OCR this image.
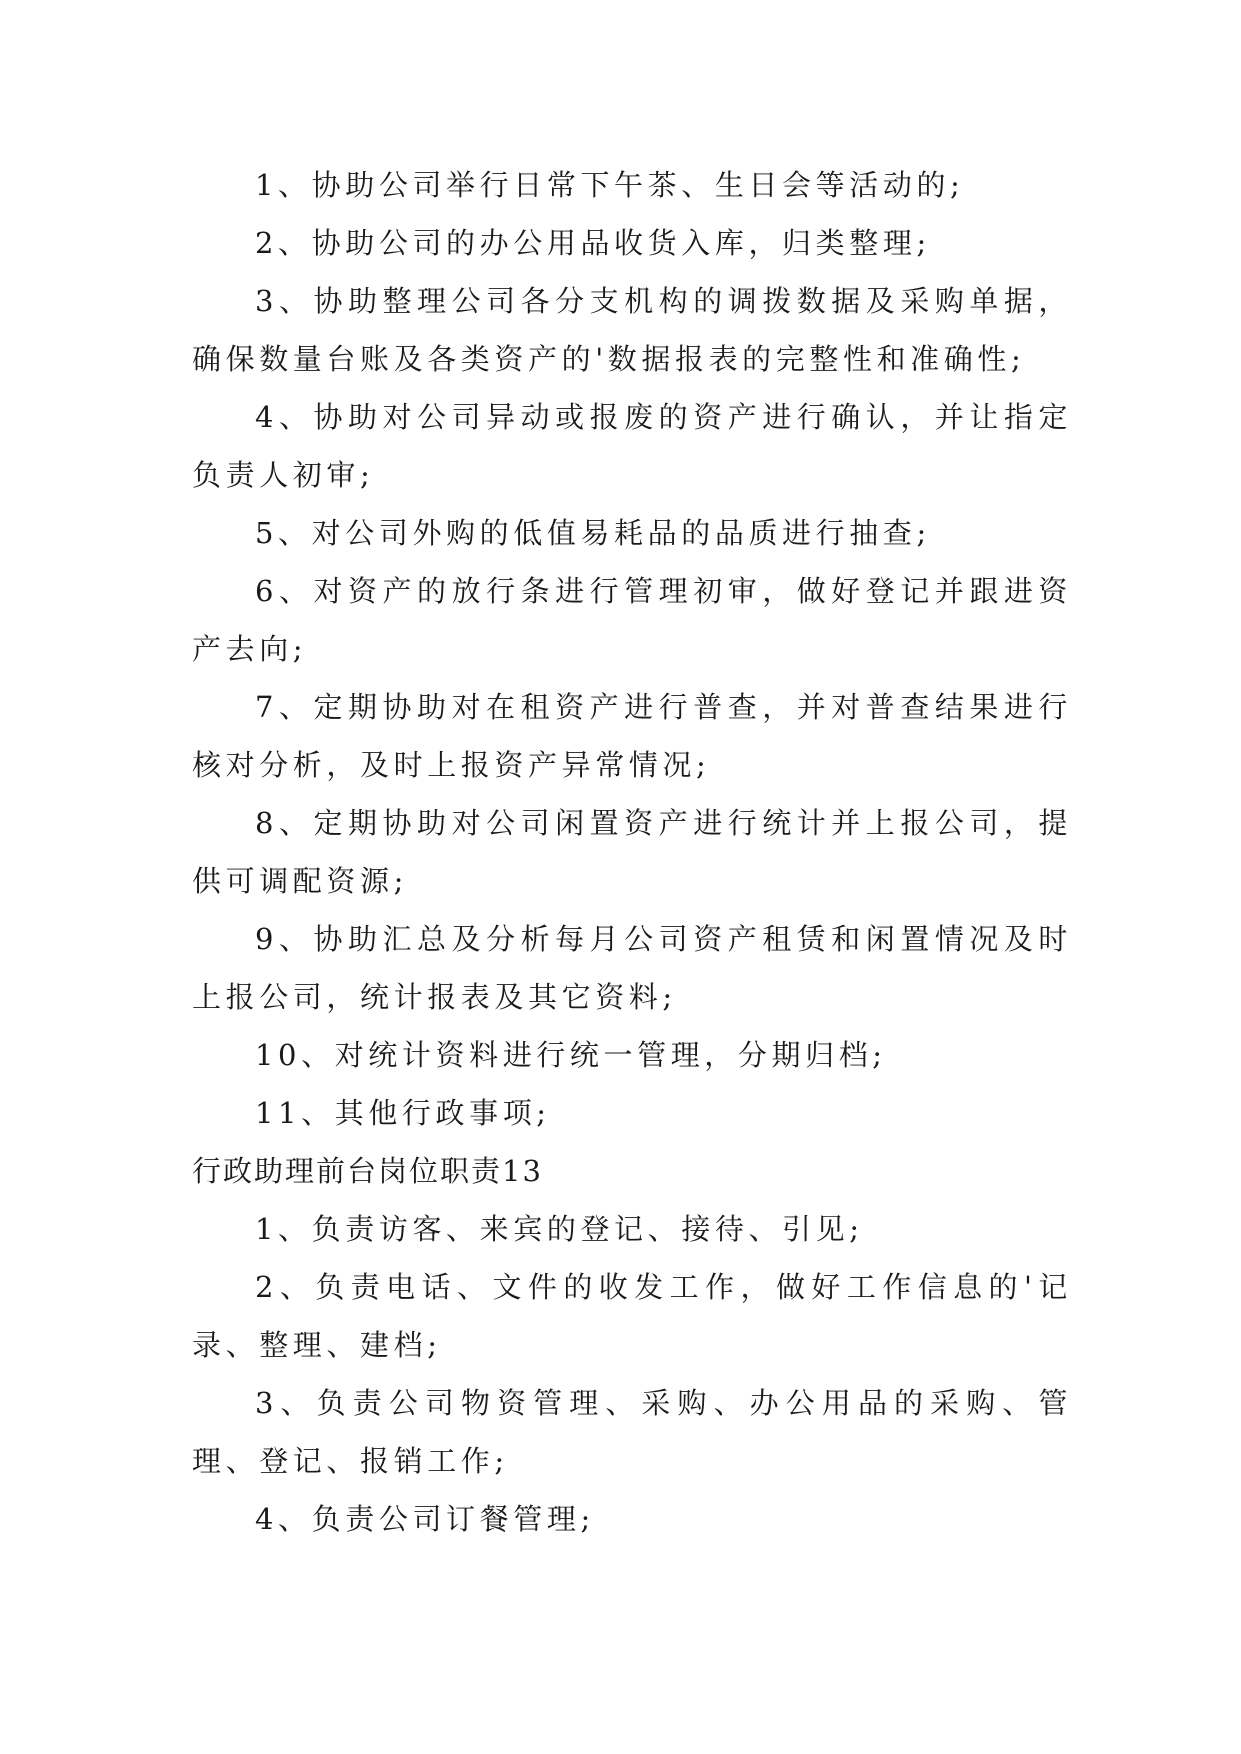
1、协助公司举行日常下午茶、生日会等活动的;

2、协助公司的办公用品收货入库，归类整理;

3、协助整理公司各分支机构的调拨数据及采购单据，确保数量台账及各类资产的'数据报表的完整性和准确性;

4、协助对公司异动或报废的资产进行确认，并让指定负责人初审;

5、对公司外购的低值易耗品的品质进行抽查;

6、对资产的放行条进行管理初审，做好登记并跟进资产去向;

7、定期协助对在租资产进行普查，并对普查结果进行核对分析，及时上报资产异常情况;

8、定期协助对公司闲置资产进行统计并上报公司，提供可调配资源;

9、协助汇总及分析每月公司资产租赁和闲置情况及时上报公司，统计报表及其它资料;

10、对统计资料进行统一管理，分期归档;

11、其他行政事项;

行政助理前台岗位职责13

1、负责访客、来宾的登记、接待、引见;

2、负责电话、文件的收发工作，做好工作信息的'记录、整理、建档;

3、负责公司物资管理、采购、办公用品的采购、管理、登记、报销工作;

4、负责公司订餐管理;
